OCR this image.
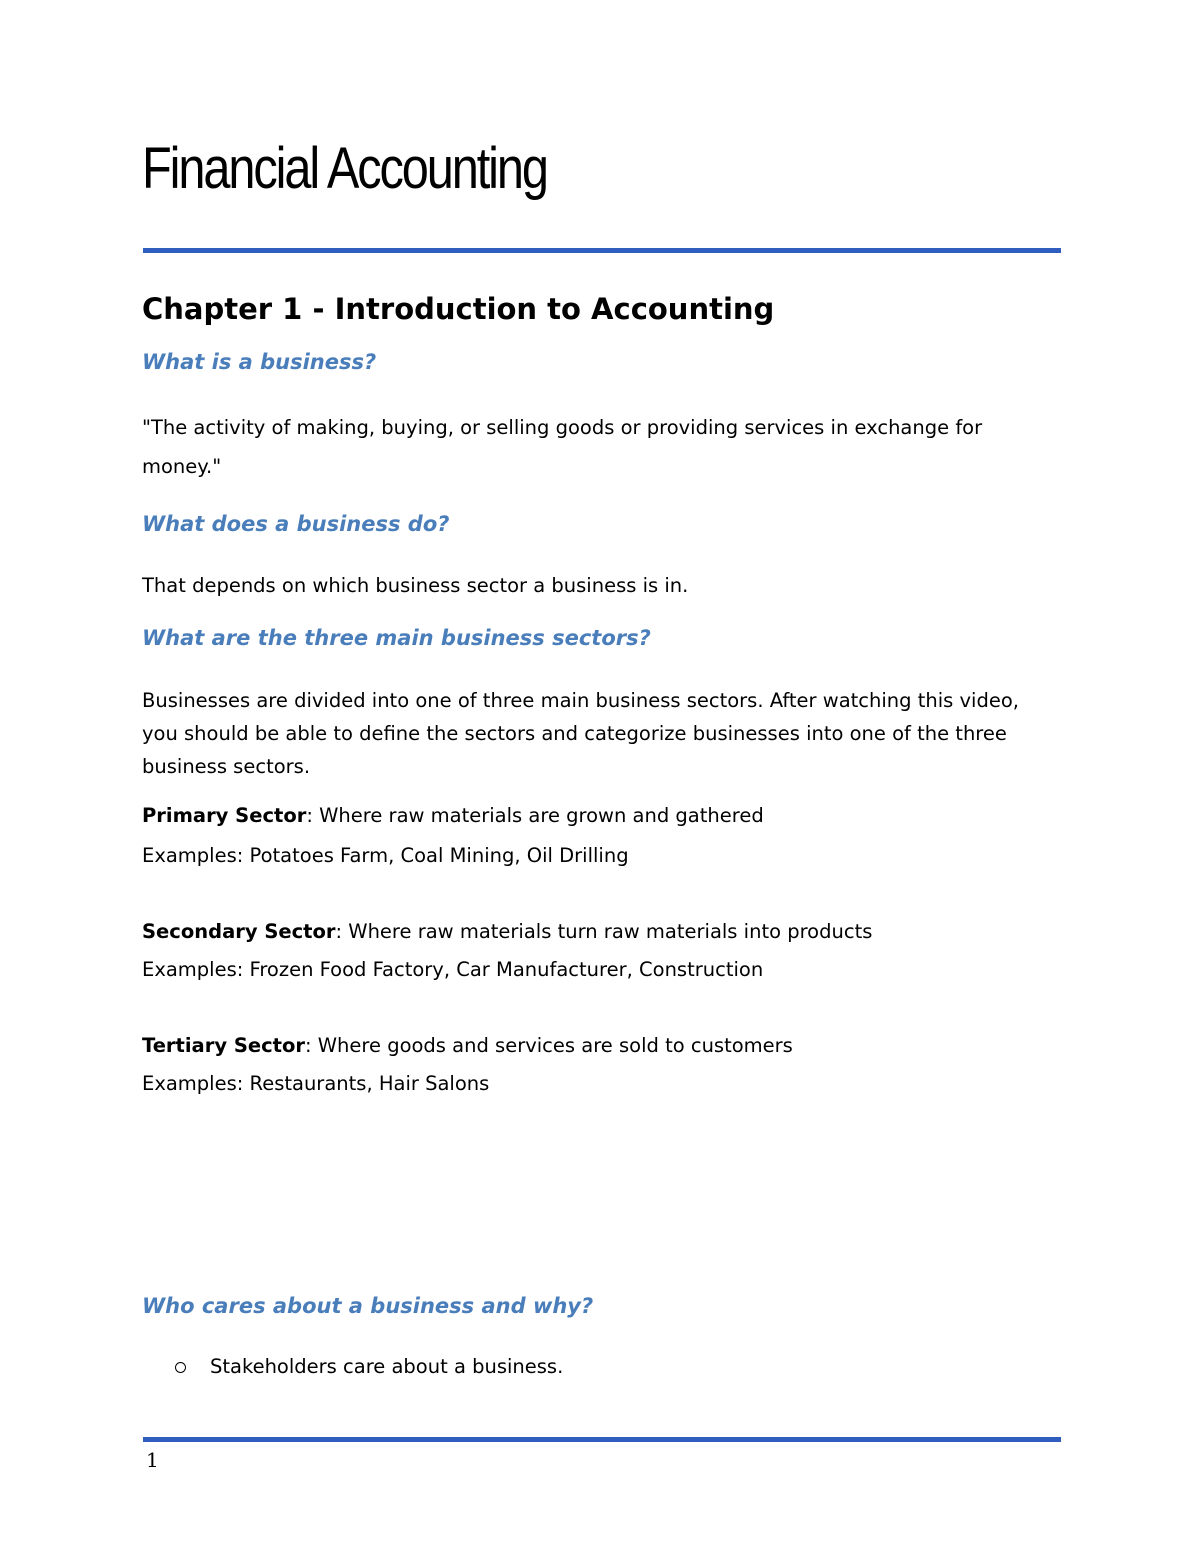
Financial Accounting
Chapter 1 - Introduction to Accounting
What is a business?
"The activity of making, buying, or selling goods or providing services in exchange for money."
What does a business do?
That depends on which business sector a business is in.
What are the three main business sectors?
Businesses are divided into one of three main business sectors. After watching this video, you should be able to define the sectors and categorize businesses into one of the three business sectors.
Primary Sector: Where raw materials are grown and gathered
Examples: Potatoes Farm, Coal Mining, Oil Drilling
Secondary Sector: Where raw materials turn raw materials into products
Examples: Frozen Food Factory, Car Manufacturer, Construction
Tertiary Sector: Where goods and services are sold to customers
Examples: Restaurants, Hair Salons
Who cares about a business and why?
Stakeholders care about a business.
1
